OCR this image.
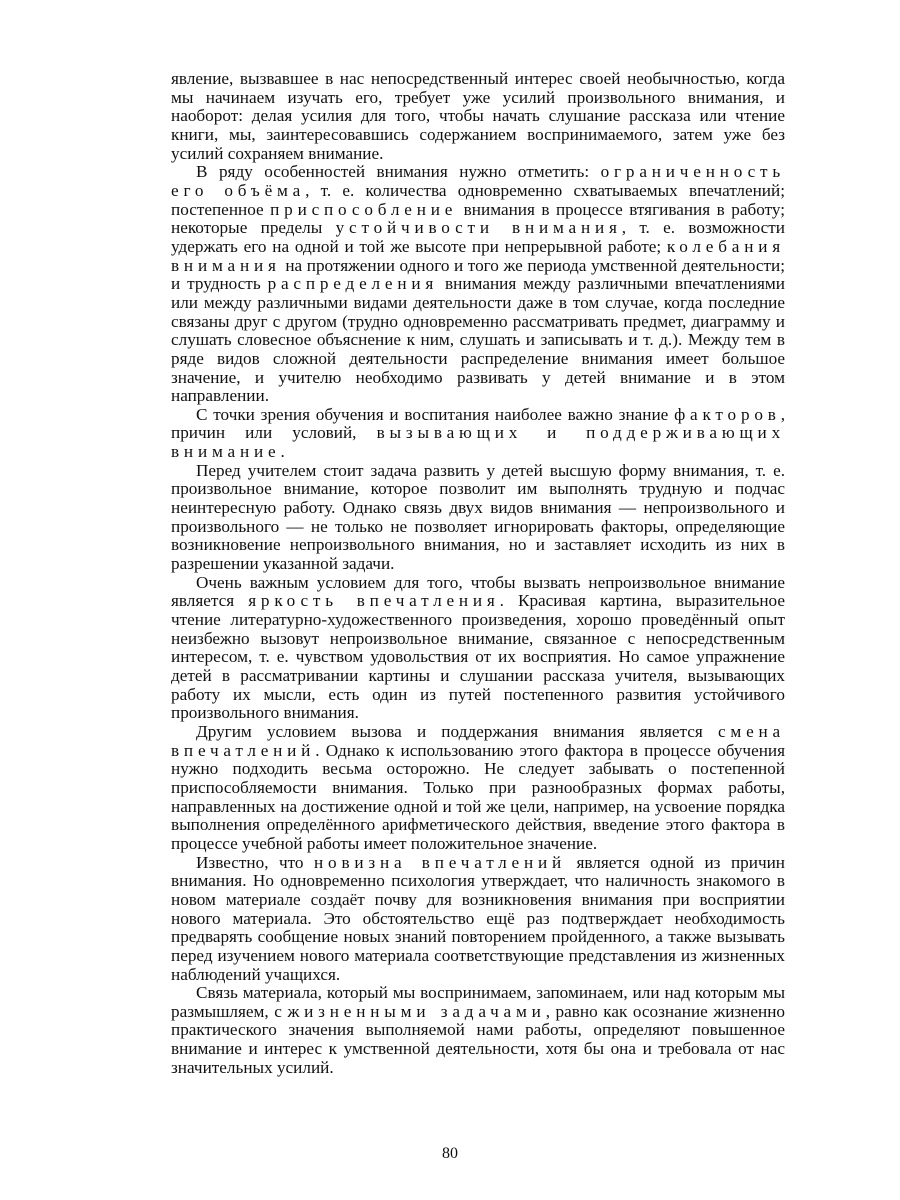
явление, вызвавшее в нас непосредственный интерес своей необычностью, когда мы начинаем изучать его, требует уже усилий произвольного внимания, и наоборот: делая усилия для того, чтобы начать слушание рассказа или чтение книги, мы, заинтересовавшись содержанием воспринимаемого, затем уже без усилий сохраняем внимание.

В ряду особенностей внимания нужно отметить: ограниченность его объёма, т. е. количества одновременно схватываемых впечатлений; постепенное приспособление внимания в процессе втягивания в работу; некоторые пределы устойчивости внимания, т. е. возможности удержать его на одной и той же высоте при непрерывной работе; колебания внимания на протяжении одного и того же периода умственной деятельности; и трудность распределения внимания между различными впечатлениями или между различными видами деятельности даже в том случае, когда последние связаны друг с другом (трудно одновременно рассматривать предмет, диаграмму и слушать словесное объяснение к ним, слушать и записывать и т. д.). Между тем в ряде видов сложной деятельности распределение внимания имеет большое значение, и учителю необходимо развивать у детей внимание и в этом направлении.

С точки зрения обучения и воспитания наиболее важно знание факторов, причин или условий, вызывающих и поддерживающих внимание.

Перед учителем стоит задача развить у детей высшую форму внимания, т. е. произвольное внимание, которое позволит им выполнять трудную и подчас неинтересную работу. Однако связь двух видов внимания — непроизвольного и произвольного — не только не позволяет игнорировать факторы, определяющие возникновение непроизвольного внимания, но и заставляет исходить из них в разрешении указанной задачи.

Очень важным условием для того, чтобы вызвать непроизвольное внимание является яркость впечатления. Красивая картина, выразительное чтение литературно-художественного произведения, хорошо проведённый опыт неизбежно вызовут непроизвольное внимание, связанное с непосредственным интересом, т. е. чувством удовольствия от их восприятия. Но самое упражнение детей в рассматривании картины и слушании рассказа учителя, вызывающих работу их мысли, есть один из путей постепенного развития устойчивого произвольного внимания.

Другим условием вызова и поддержания внимания является смена впечатлений. Однако к использованию этого фактора в процессе обучения нужно подходить весьма осторожно. Не следует забывать о постепенной приспособляемости внимания. Только при разнообразных формах работы, направленных на достижение одной и той же цели, например, на усвоение порядка выполнения определённого арифметического действия, введение этого фактора в процессе учебной работы имеет положительное значение.

Известно, что новизна впечатлений является одной из причин внимания. Но одновременно психология утверждает, что наличность знакомого в новом материале создаёт почву для возникновения внимания при восприятии нового материала. Это обстоятельство ещё раз подтверждает необходимость предварять сообщение новых знаний повторением пройденного, а также вызывать перед изучением нового материала соответствующие представления из жизненных наблюдений учащихся.

Связь материала, который мы воспринимаем, запоминаем, или над которым мы размышляем, с жизненными задачами, равно как осознание жизненно практического значения выполняемой нами работы, определяют повышенное внимание и интерес к умственной деятельности, хотя бы она и требовала от нас значительных усилий.

80
